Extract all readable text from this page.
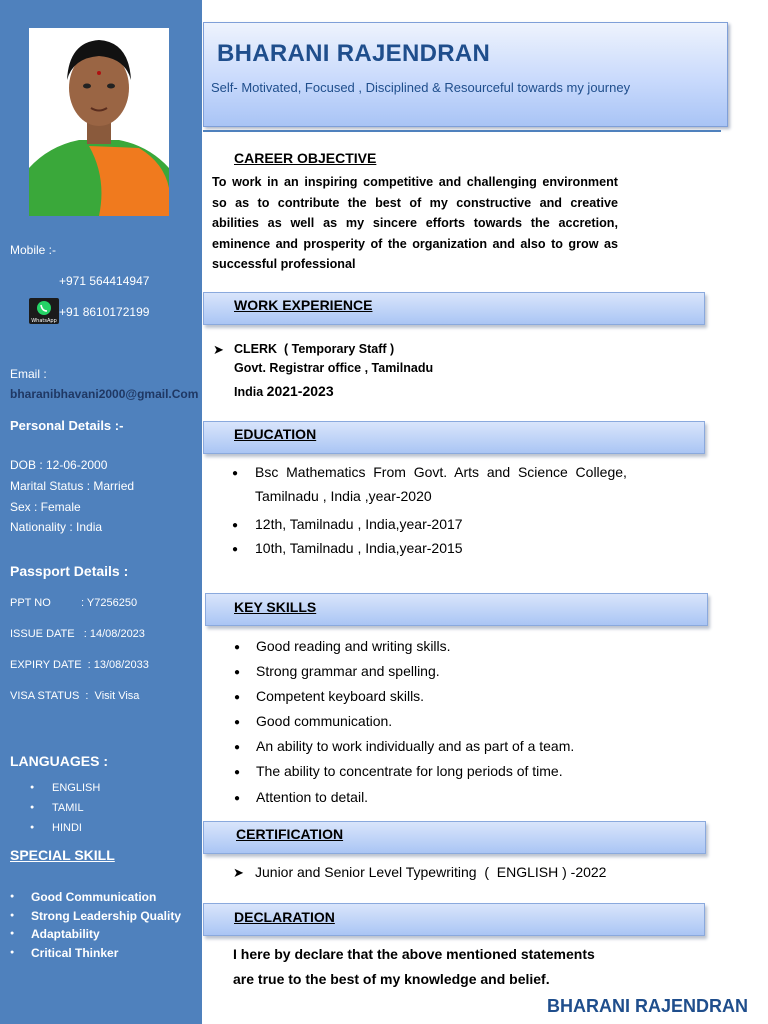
Mobile :-
+971 564414947
WhatsApp
+91 8610172199
Email :
bharanibhavani2000@gmail.Com
Personal Details :-
DOB : 12-06-2000
Marital Status : Married
Sex : Female
Nationality : India
Passport Details :
PPT NO	: Y7256250
ISSUE DATE   : 14/08/2023
EXPIRY DATE  : 13/08/2033
VISA STATUS  :  Visit Visa
LANGUAGES :
● ENGLISH
● TAMIL
● HINDI
SPECIAL SKILL
● Good Communication
● Strong Leadership Quality
● Adaptability
● Critical Thinker
BHARANI RAJENDRAN
Self- Motivated, Focused , Disciplined & Resourceful towards my journey
CAREER OBJECTIVE
To work in an inspiring competitive and challenging environment so as to contribute the best of my constructive and creative abilities as well as my sincere efforts towards the accretion, eminence and prosperity of the organization and also to grow as successful professional
WORK EXPERIENCE
➤ CLERK  ( Temporary Staff )
Govt. Registrar office , Tamilnadu
India 2021-2023
EDUCATION
● Bsc  Mathematics  From  Govt.  Arts  and  Science  College,
Tamilnadu , India ,year-2020
● 12th, Tamilnadu , India,year-2017
● 10th, Tamilnadu , India,year-2015
KEY SKILLS
● Good reading and writing skills.
● Strong grammar and spelling.
● Competent keyboard skills.
● Good communication.
● An ability to work individually and as part of a team.
● The ability to concentrate for long periods of time.
● Attention to detail.
CERTIFICATION
➤ Junior and Senior Level Typewriting  (  ENGLISH ) -2022
DECLARATION
I here by declare that the above mentioned statements
are true to the best of my knowledge and belief.
BHARANI RAJENDRAN
